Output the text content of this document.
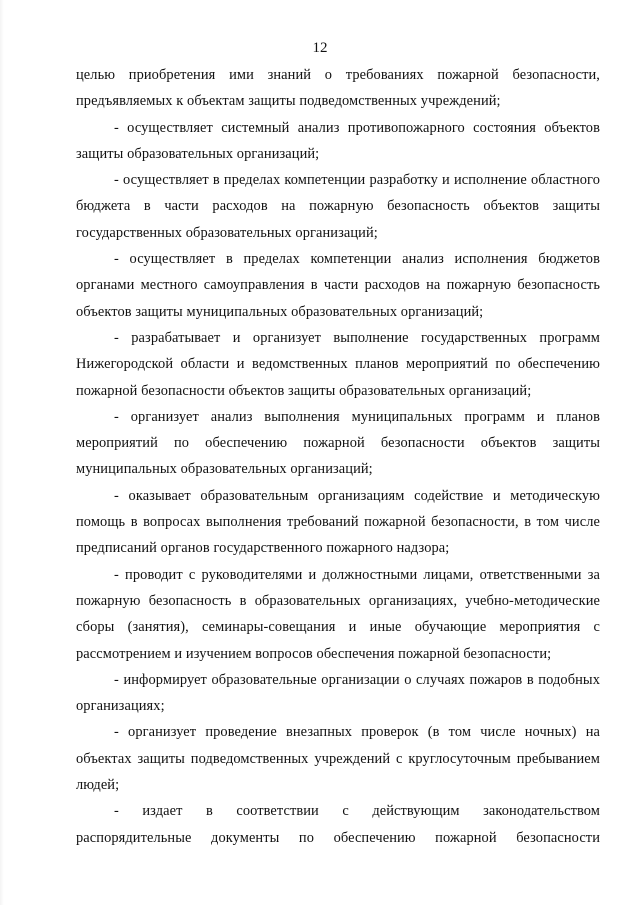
12

целью приобретения ими знаний о требованиях пожарной безопасности, предъявляемых к объектам защиты подведомственных учреждений;

- осуществляет системный анализ противопожарного состояния объектов защиты образовательных организаций;

- осуществляет в пределах компетенции разработку и исполнение областного бюджета в части расходов на пожарную безопасность объектов защиты государственных образовательных организаций;

- осуществляет в пределах компетенции анализ исполнения бюджетов органами местного самоуправления в части расходов на пожарную безопасность объектов защиты муниципальных образовательных организаций;

- разрабатывает и организует выполнение государственных программ Нижегородской области и ведомственных планов мероприятий по обеспечению пожарной безопасности объектов защиты образовательных организаций;

- организует анализ выполнения муниципальных программ и планов мероприятий по обеспечению пожарной безопасности объектов защиты муниципальных образовательных организаций;

- оказывает образовательным организациям содействие и методическую помощь в вопросах выполнения требований пожарной безопасности, в том числе предписаний органов государственного пожарного надзора;

- проводит с руководителями и должностными лицами, ответственными за пожарную безопасность в образовательных организациях, учебно-методические сборы (занятия), семинары-совещания и иные обучающие мероприятия с рассмотрением и изучением вопросов обеспечения пожарной безопасности;

- информирует образовательные организации о случаях пожаров в подобных организациях;

- организует проведение внезапных проверок (в том числе ночных) на объектах защиты подведомственных учреждений с круглосуточным пребыванием людей;

- издает в соответствии с действующим законодательством распорядительные документы по обеспечению пожарной безопасности
